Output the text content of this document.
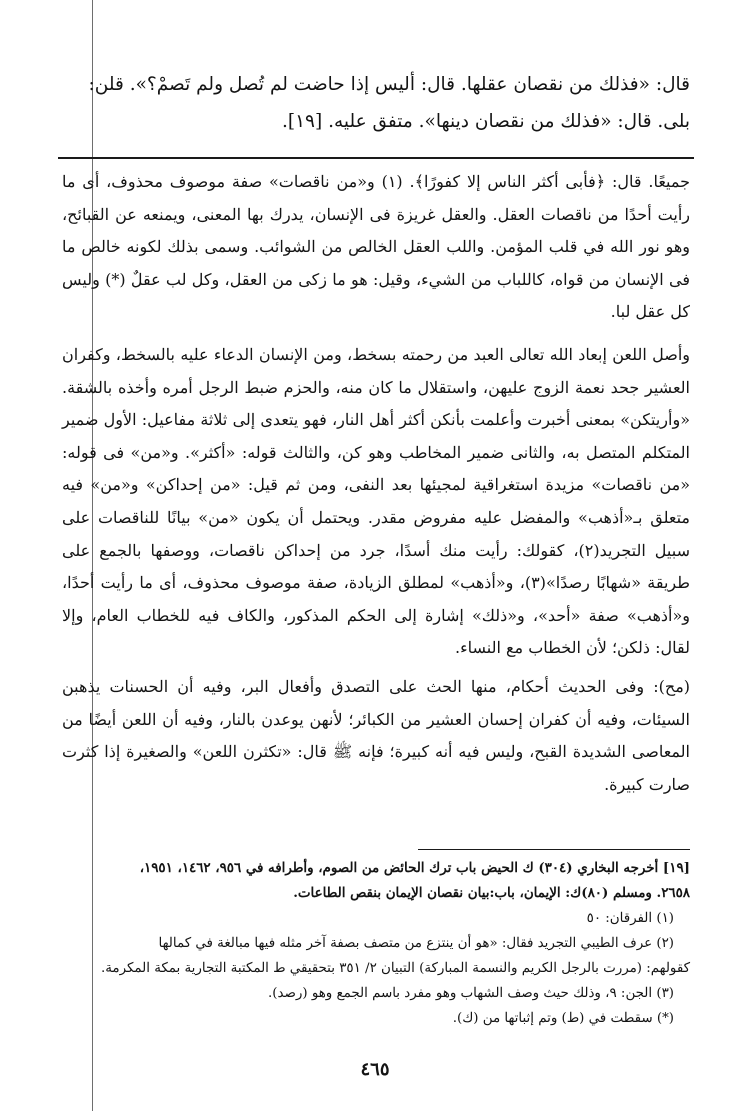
قال: «فذلك من نقصان عقلها. قال: أليس إذا حاضت لم تُصل ولم تَصمْ؟». قلن:

بلى. قال: «فذلك من نقصان دينها». متفق عليه. [١٩].

جميعًا. قال: ﴿فأبى أكثر الناس إلا كفورًا﴾. (١) و«من ناقصات» صفة موصوف محذوف، أى ما رأيت أحدًا من ناقصات العقل. والعقل غريزة فى الإنسان، يدرك بها المعنى، ويمنعه عن القبائح، وهو نور الله في قلب المؤمن. واللب العقل الخالص من الشوائب. وسمى بذلك لكونه خالص ما فى الإنسان من قواه، كاللباب من الشيء، وقيل: هو ما زكى من العقل، وكل لب عقلٌ (*) وليس كل عقل لبا.

وأصل اللعن إبعاد الله تعالى العبد من رحمته بسخط، ومن الإنسان الدعاء عليه بالسخط، وكفران العشير جحد نعمة الزوج عليهن، واستقلال ما كان منه، والحزم ضبط الرجل أمره وأخذه بالشقة. «وأريتكن» بمعنى أخبرت وأعلمت بأنكن أكثر أهل النار، فهو يتعدى إلى ثلاثة مفاعيل: الأول ضمير المتكلم المتصل به، والثانى ضمير المخاطب وهو كن، والثالث قوله: «أكثر». و«من» فى قوله: «من ناقصات» مزيدة استغراقية لمجيئها بعد النفى، ومن ثم قيل: «من إحداكن» و«من» فيه متعلق بـ«أذهب» والمفضل عليه مفروض مقدر. ويحتمل أن يكون «من» بيانًا للناقصات على سبيل التجريد(٢)، كقولك: رأيت منك أسدًا، جرد من إحداكن ناقصات، ووصفها بالجمع على طريقة «شهابًا رصدًا»(٣)، و«أذهب» لمطلق الزيادة، صفة موصوف محذوف، أى ما رأيت أحدًا، و«أذهب» صفة «أحد»، و«ذلك» إشارة إلى الحكم المذكور، والكاف فيه للخطاب العام، وإلا لقال: ذلكن؛ لأن الخطاب مع النساء.

(مح): وفى الحديث أحكام، منها الحث على التصدق وأفعال البر، وفيه أن الحسنات يذهبن السيئات، وفيه أن كفران إحسان العشير من الكبائر؛ لأنهن يوعدن بالنار، وفيه أن اللعن أيضًا من المعاصى الشديدة القبح، وليس فيه أنه كبيرة؛ فإنه ﷺ قال: «تكثرن اللعن» والصغيرة إذا كثرت صارت كبيرة.

[١٩] أخرجه البخاري (٣٠٤) ك الحيض باب ترك الحائض من الصوم، وأطرافه في ٩٥٦، ١٤٦٢، ١٩٥١،

٢٦٥٨. ومسلم (٨٠)ك: الإيمان، باب:بيان نقصان الإيمان بنقص الطاعات.

(١) الفرقان: ٥٠

(٢) عرف الطيبي التجريد فقال: «هو أن ينتزع من متصف بصفة آخر مثله فيها مبالغة في كمالها

كقولهم: (مررت بالرجل الكريم والنسمة المباركة) التبيان ٢/ ٣٥١ بتحقيقي ط المكتبة التجارية بمكة المكرمة.

(٣) الجن: ٩، وذلك حيث وصف الشهاب وهو مفرد باسم الجمع وهو (رصد).

(*) سقطت في (ط) وتم إثباتها من (ك).

٤٦٥
